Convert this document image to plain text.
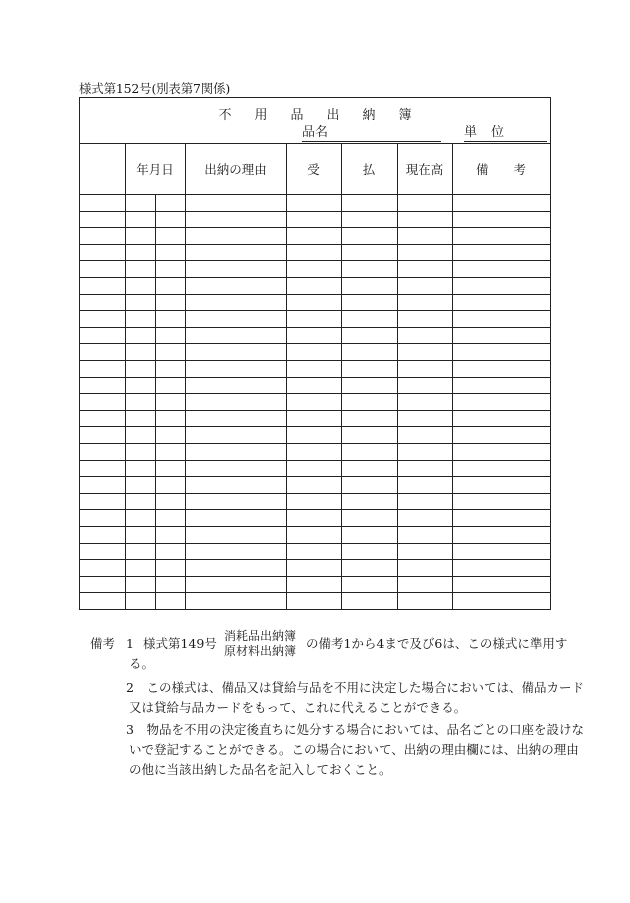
様式第152号(別表第7関係)
不用品出納簿
品名	単位
年月日	出納の理由	受	払	現在高	備　　考
備考 1 様式第149号 消耗品出納簿
原材料出納簿 の備考1から4まで及び6は、この様式に準用す
る。
2　この様式は、備品又は貸給与品を不用に決定した場合においては、備品カード
又は貸給与品カードをもって、これに代えることができる。
3　物品を不用の決定後直ちに処分する場合においては、品名ごとの口座を設けな
いで登記することができる。この場合において、出納の理由欄には、出納の理由
の他に当該出納した品名を記入しておくこと。
